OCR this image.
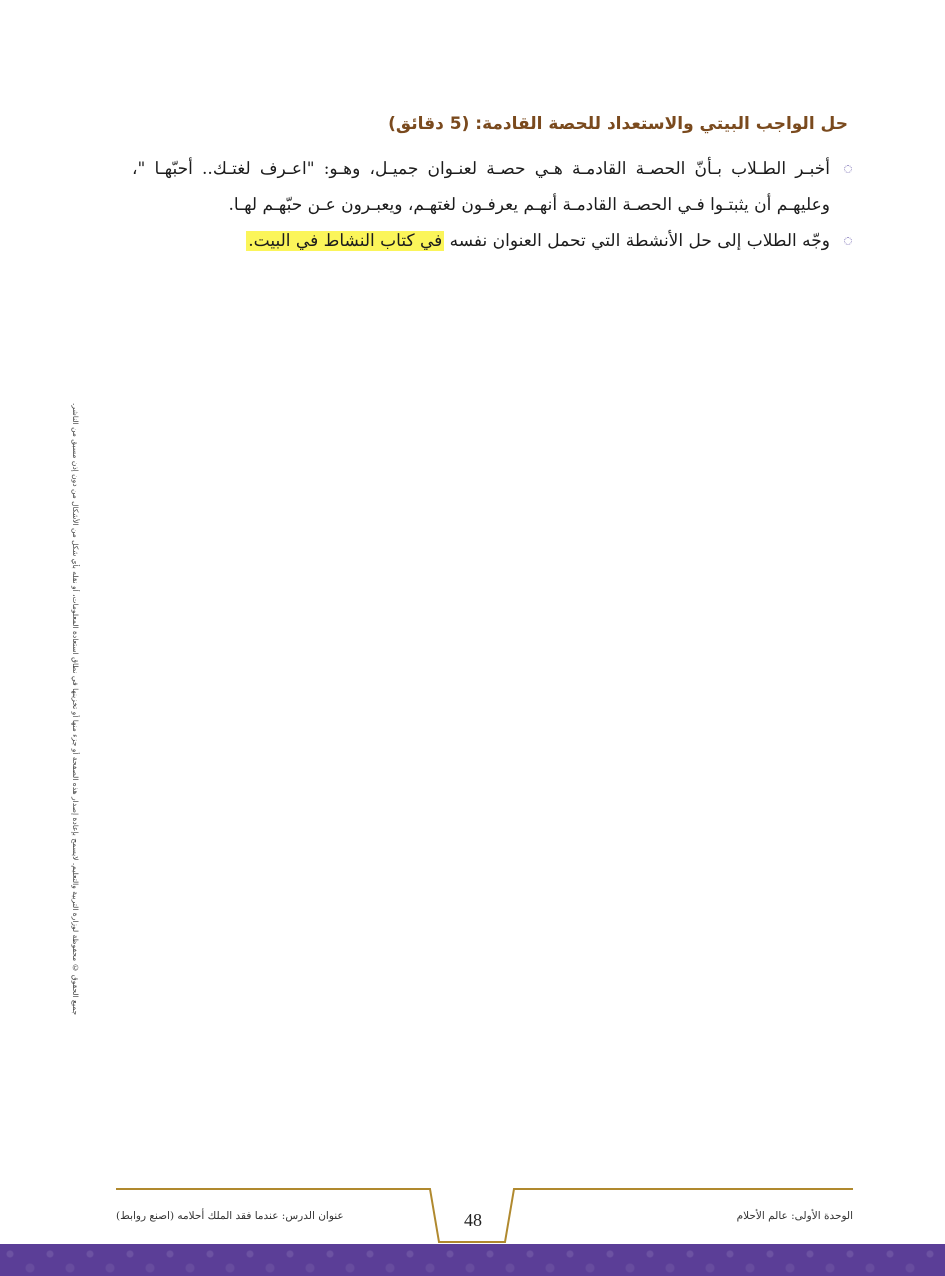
حل الواجب البيتي والاستعداد للحصة القادمة: (5 دقائق)
أخبـر الطـلاب بـأنّ الحصـة القادمـة هـي حصـة لعنـوان جميـل، وهـو: "اعـرف لغتـك.. أحبّهـا "، وعليهـم أن يثبتـوا فـي الحصـة القادمـة أنهـم يعرفـون لغتهـم، ويعبـرون عـن حبّهـم لهـا.
وجّه الطلاب إلى حل الأنشطة التي تحمل العنوان نفسه في كتاب النشاط في البيت.
جميع الحقوق © محفوظة لوزارة التربية والتعليم. لايسمح بإعادة إصدار هذه الصفحة أو جزء منها أو تخزينها في نطاق استعادة المعلومات، أو نقله بأي شكل من الأشكال من دون إذن مسبق من الناشر.
الوحدة الأولى: عالم الأحلام
48
عنوان الدرس: عندما فقد الملك أحلامه (اصنع روابط)
